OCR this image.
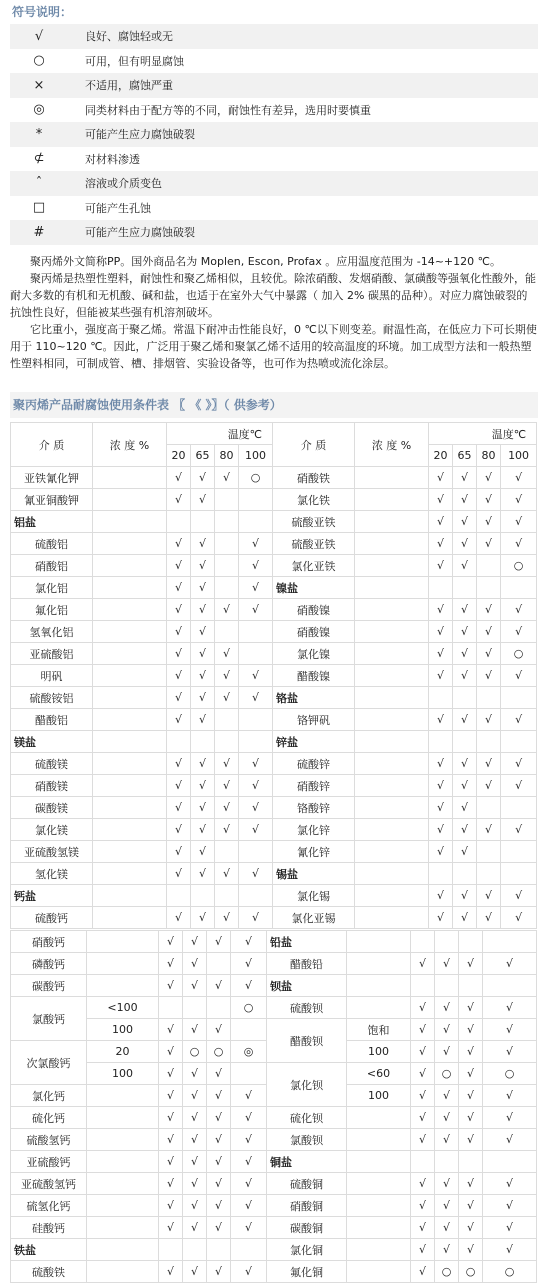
符号说明：
√	良好、腐蚀轻或无
○	可用，但有明显腐蚀
×	不适用，腐蚀严重
◎	同类材料由于配方等的不同，耐蚀性有差异，选用时要慎重
*	可能产生应力腐蚀破裂
⊄	对材料渗透
ˆ	溶液或介质变色
□	可能产生孔蚀
#	可能产生应力腐蚀破裂

聚丙烯外文简称PP。国外商品名为 Moplen, Escon, Profax 。应用温度范围为 -14~+120 ℃。

聚丙烯是热塑性塑料，耐蚀性和聚乙烯相似，且较优。除浓硝酸、发烟硝酸、氯磺酸等强氧化性酸外，能耐大多数的有机和无机酸、碱和盐，也适于在室外大气中暴露（ 加入 2% 碳黑的品种）。对应力腐蚀破裂的抗蚀性良好，但能被某些强有机溶剂破坏。

它比重小，强度高于聚乙烯。常温下耐冲击性能良好，0 ℃以下则变差。耐温性高，在低应力下可长期使用于 110~120 ℃。因此，广泛用于聚乙烯和聚氯乙烯不适用的较高温度的环境。加工成型方法和一般热塑性塑料相同，可制成管、槽、排烟管、实验设备等，也可作为热喷或流化涂层。

聚丙烯产品耐腐蚀使用条件表 〖 《 》〗（ 供参考）
介 质	浓 度 %	温度℃				介 质	浓 度 %	温度℃			
		20	65	80	100			20	65	80	100
亚铁氰化钾		√	√	√	○	硝酸铁		√	√	√	√
氰亚铜酸钾		√	√			氯化铁		√	√	√	√
铝盐						硫酸亚铁		√	√	√	√
硫酸铝		√	√		√	硫酸亚铁		√	√	√	√
硝酸铝		√	√		√	氯化亚铁		√	√		○
氯化铝		√	√		√	镍盐					
氟化铝		√	√	√	√	硝酸镍		√	√	√	√
氢氧化铝		√	√			硝酸镍		√	√	√	√
亚硫酸铝		√	√	√		氯化镍		√	√	√	○
明矾		√	√	√	√	醋酸镍		√	√	√	√
硫酸铵铝		√	√	√	√	铬盐					
醋酸铝		√	√			铬钾矾		√	√	√	√
镁盐						锌盐					
硫酸镁		√	√	√	√	硫酸锌		√	√	√	√
硝酸镁		√	√	√	√	硝酸锌		√	√	√	√
碳酸镁		√	√	√	√	铬酸锌		√	√		
氯化镁		√	√	√	√	氯化锌		√	√	√	√
亚硫酸氢镁		√	√			氰化锌		√	√		
氢化镁		√	√	√	√	锡盐					
钙盐						氯化锡		√	√	√	√
硫酸钙		√	√	√	√	氯化亚锡		√	√	√	√
硝酸钙		√	√	√	√	铅盐					
磷酸钙		√	√		√	醋酸铅		√	√	√	√
碳酸钙		√	√	√	√	钡盐					
氯酸钙	<100				○	硫酸钡		√	√	√	√
	100	√	√	√		醋酸钡	饱和	√	√	√	√
次氯酸钙	20	√	○	○	◎		100	√	√	√	√
	100	√	√	√		氯化钡	<60	√	○	√	○
氯化钙		√	√	√	√		100	√	√	√	√
硫化钙		√	√	√	√	硫化钡		√	√	√	√
硫酸氢钙		√	√	√	√	氯酸钡		√	√	√	√
亚硫酸钙		√	√	√	√	铜盐					
亚硫酸氢钙		√	√	√	√	硫酸铜		√	√	√	√
硫氢化钙		√	√	√	√	硝酸铜		√	√	√	√
硅酸钙		√	√	√	√	碳酸铜		√	√	√	√
铁盐						氯化铜		√	√	√	√
硫酸铁		√	√	√	√	氟化铜		√	○	○	○
